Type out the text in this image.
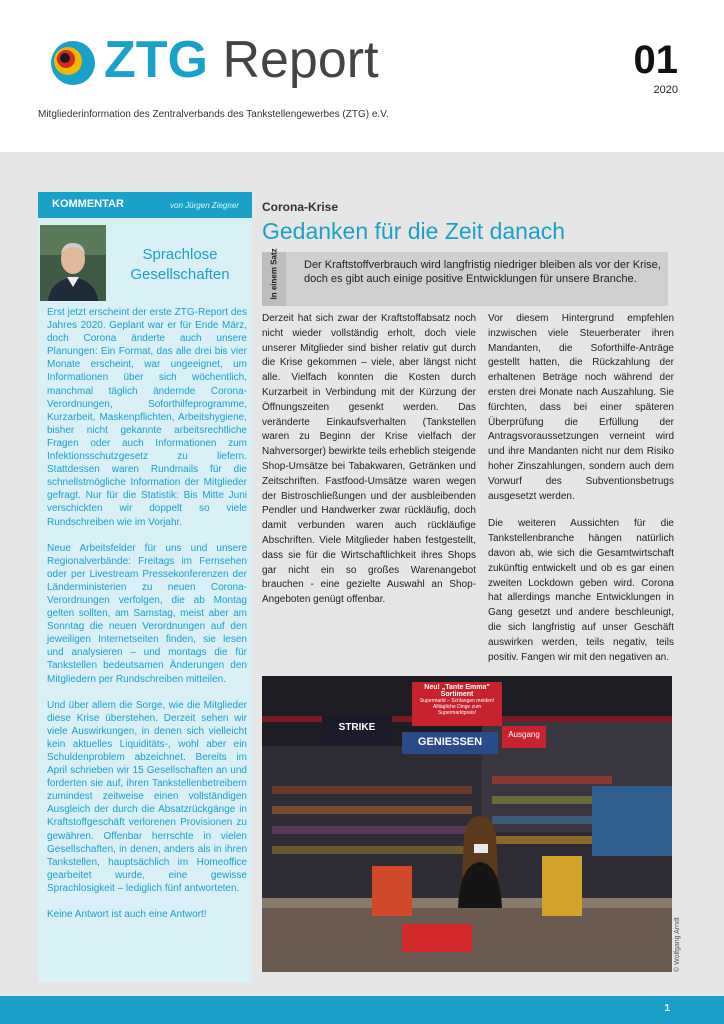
ZTG Report	01
2020
Mitgliederinformation des Zentralverbands des Tankstellengewerbes (ZTG) e.V.
KOMMENTAR	von Jürgen Ziegner
Sprachlose
Gesellschaften

Erst jetzt erscheint der erste ZTG-Report des Jahres 2020. Geplant war er für Ende März, doch Corona änderte auch unsere Planungen: Ein Format, das alle drei bis vier Monate erscheint, war ungeeignet, um Informationen über sich wöchentlich, manchmal täglich ändernde Corona-Verordnungen, Soforthilfeprogramme, Kurzarbeit, Maskenpflichten, Arbeitshygiene, bisher nicht gekannte arbeitsrechtliche Fragen oder auch Informationen zum Infektionsschutzgesetz zu liefern. Stattdessen waren Rundmails für die schnellstmögliche Information der Mitglieder gefragt. Nur für die Statistik: Bis Mitte Juni verschickten wir doppelt so viele Rundschreiben wie im Vorjahr.

Neue Arbeitsfelder für uns und unsere Regionalverbände: Freitags im Fernsehen oder per Livestream Pressekonferenzen der Länderministerien zu neuen Corona-Verordnungen verfolgen, die ab Montag gelten sollten, am Samstag, meist aber am Sonntag die neuen Verordnungen auf den jeweiligen Internetseiten finden, sie lesen und analysieren – und montags die für Tankstellen bedeutsamen Änderungen den Mitgliedern per Rundschreiben mitteilen.

Und über allem die Sorge, wie die Mitglieder diese Krise überstehen. Derzeit sehen wir viele Auswirkungen, in denen sich vielleicht kein aktuelles Liquiditäts-, wohl aber ein Schuldenproblem abzeichnet. Bereits im April schrieben wir 15 Gesellschaften an und forderten sie auf, ihren Tankstellenbetreibern zumindest zeitweise einen vollständigen Ausgleich der durch die Absatzrückgänge in Kraftstoffgeschäft verlorenen Provisionen zu gewähren. Offenbar herrschte in vielen Gesellschaften, in denen, anders als in ihren Tankstellen, hauptsächlich im Homeoffice gearbeitet wurde, eine gewisse Sprachlosigkeit – lediglich fünf antworteten.

Keine Antwort ist auch eine Antwort!

Corona-Krise
Gedanken für die Zeit danach
In einem Satz Der Kraftstoffverbrauch wird langfristig niedriger bleiben als vor der Krise, doch es gibt auch einige positive Entwicklungen für unsere Branche.

Derzeit hat sich zwar der Kraftstoffabsatz noch nicht wieder vollständig erholt, doch viele unserer Mitglieder sind bisher relativ gut durch die Krise gekommen – viele, aber längst nicht alle. Vielfach konnten die Kosten durch Kurzarbeit in Verbindung mit der Kürzung der Öffnungszeiten gesenkt werden. Das veränderte Einkaufsverhalten (Tankstellen waren zu Beginn der Krise vielfach der Nahversorger) bewirkte teils erheblich steigende Shop-Umsätze bei Tabakwaren, Getränken und Zeitschriften. Fastfood-Umsätze waren wegen der Bistroschließungen und der ausbleibenden Pendler und Handwerker zwar rückläufig, doch damit verbunden waren auch rückläufige Abschriften. Viele Mitglieder haben festgestellt, dass sie für die Wirtschaftlichkeit ihres Shops gar nicht ein so großes Warenangebot brauchen - eine gezielte Auswahl an Shop-Angeboten genügt offenbar.

Vor diesem Hintergrund empfehlen inzwischen viele Steuerberater ihren Mandanten, die Soforthilfe-Anträge gestellt hatten, die Rückzahlung der erhaltenen Beträge noch während der ersten drei Monate nach Auszahlung. Sie fürchten, dass bei einer späteren Überprüfung die Erfüllung der Antragsvoraussetzungen verneint wird und ihre Mandanten nicht nur dem Risiko hoher Zinszahlungen, sondern auch dem Vorwurf des Subventionsbetrugs ausgesetzt werden.

Die weiteren Aussichten für die Tankstellenbranche hängen natürlich davon ab, wie sich die Gesamtwirtschaft zukünftig entwickelt und ob es gar einen zweiten Lockdown geben wird. Corona hat allerdings manche Entwicklungen in Gang gesetzt und andere beschleunigt, die sich langfristig auf unser Geschäft auswirken werden, teils negativ, teils positiv. Fangen wir mit den negativen an.

Neu! „Tante Emma" Sortiment
Supermarkt – Schlangen meiden! Alltägliche Dinge zum Supermarktpreis!
STRIKE
GENIESSEN
Ausgang
© Wolfgang Arndt
1
